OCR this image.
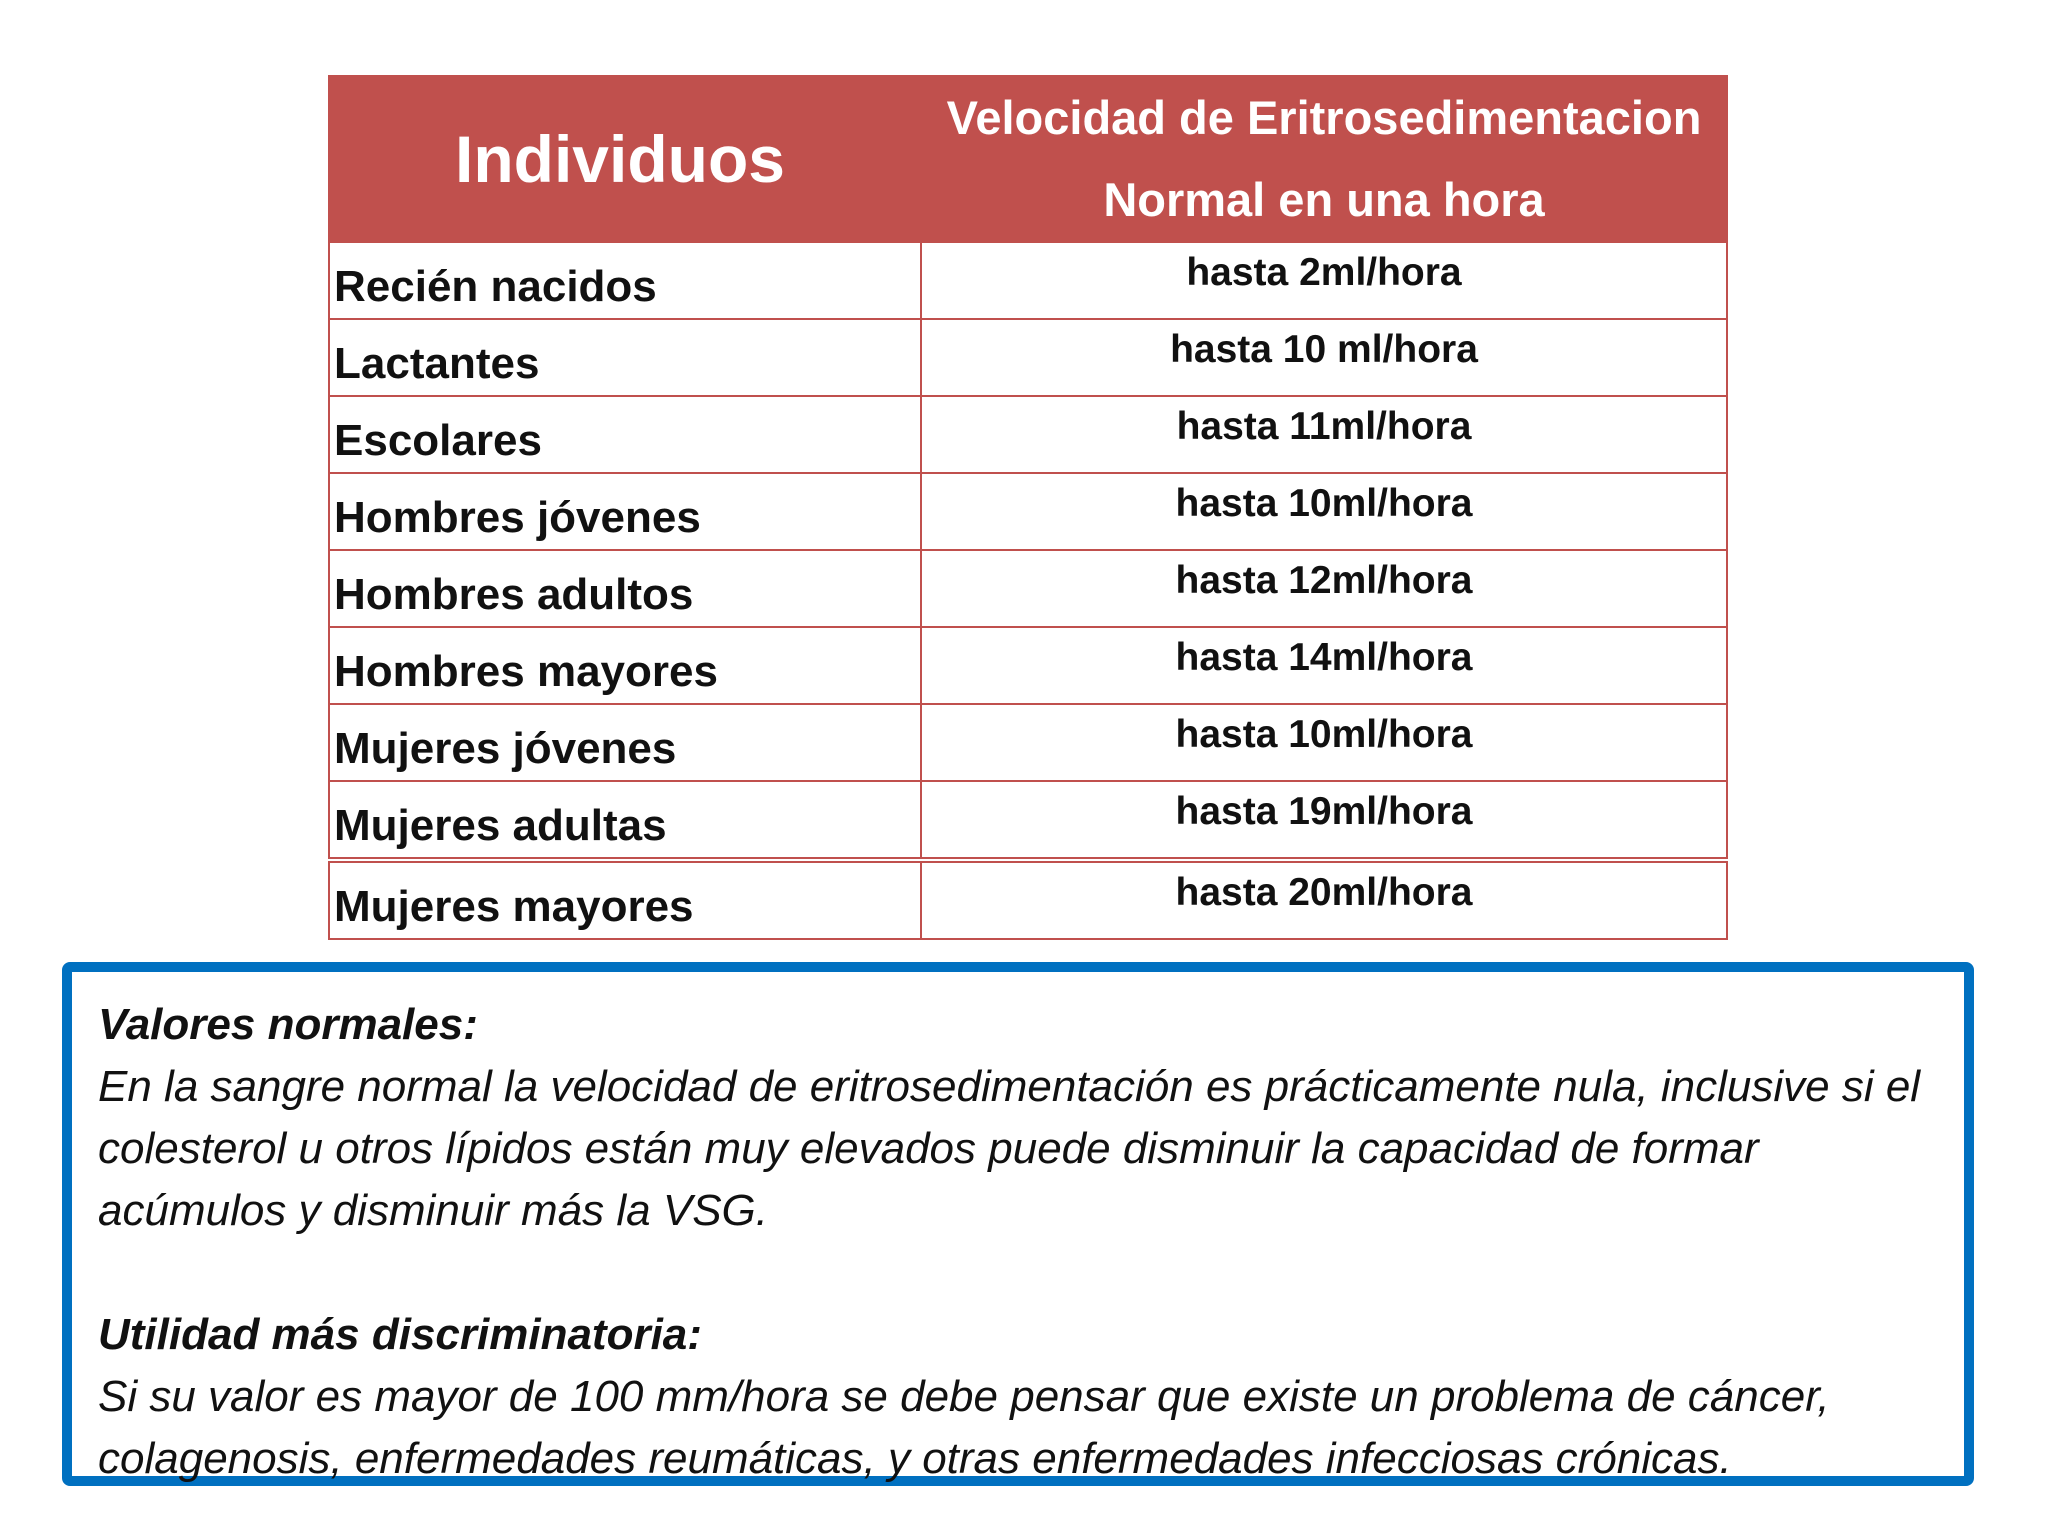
Individuos	Velocidad de Eritrosedimentacion
Normal en una hora
Recién nacidos	hasta 2ml/hora
Lactantes	hasta 10 ml/hora
Escolares	hasta 11ml/hora
Hombres jóvenes	hasta 10ml/hora
Hombres adultos	hasta 12ml/hora
Hombres mayores	hasta 14ml/hora
Mujeres jóvenes	hasta 10ml/hora
Mujeres adultas	hasta 19ml/hora
Mujeres mayores	hasta 20ml/hora
Valores normales:
En la sangre normal la velocidad de eritrosedimentación es prácticamente nula, inclusive si el colesterol u otros lípidos están muy elevados puede disminuir la capacidad de formar acúmulos y disminuir más la VSG.
Utilidad más discriminatoria:
Si su valor es mayor de 100 mm/hora se debe pensar que existe un problema de cáncer, colagenosis, enfermedades reumáticas, y otras enfermedades infecciosas crónicas.
